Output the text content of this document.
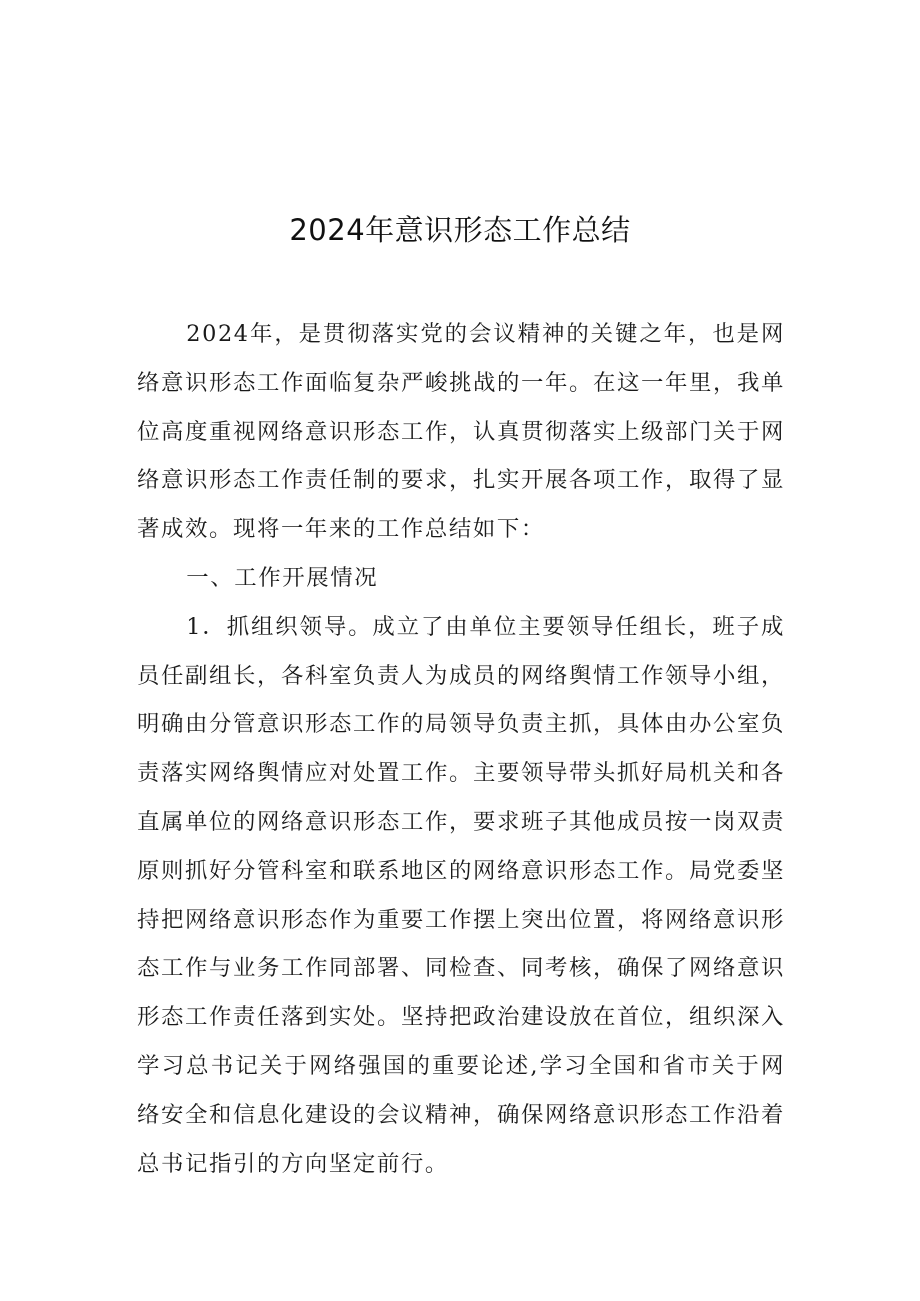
2024年意识形态工作总结

2024年，是贯彻落实党的会议精神的关键之年，也是网络意识形态工作面临复杂严峻挑战的一年。在这一年里，我单位高度重视网络意识形态工作，认真贯彻落实上级部门关于网络意识形态工作责任制的要求，扎实开展各项工作，取得了显著成效。现将一年来的工作总结如下：

一、工作开展情况

1．抓组织领导。成立了由单位主要领导任组长，班子成员任副组长，各科室负责人为成员的网络舆情工作领导小组，明确由分管意识形态工作的局领导负责主抓，具体由办公室负责落实网络舆情应对处置工作。主要领导带头抓好局机关和各直属单位的网络意识形态工作，要求班子其他成员按一岗双责原则抓好分管科室和联系地区的网络意识形态工作。局党委坚持把网络意识形态作为重要工作摆上突出位置，将网络意识形态工作与业务工作同部署、同检查、同考核，确保了网络意识形态工作责任落到实处。坚持把政治建设放在首位，组织深入学习总书记关于网络强国的重要论述,学习全国和省市关于网络安全和信息化建设的会议精神，确保网络意识形态工作沿着总书记指引的方向坚定前行。
